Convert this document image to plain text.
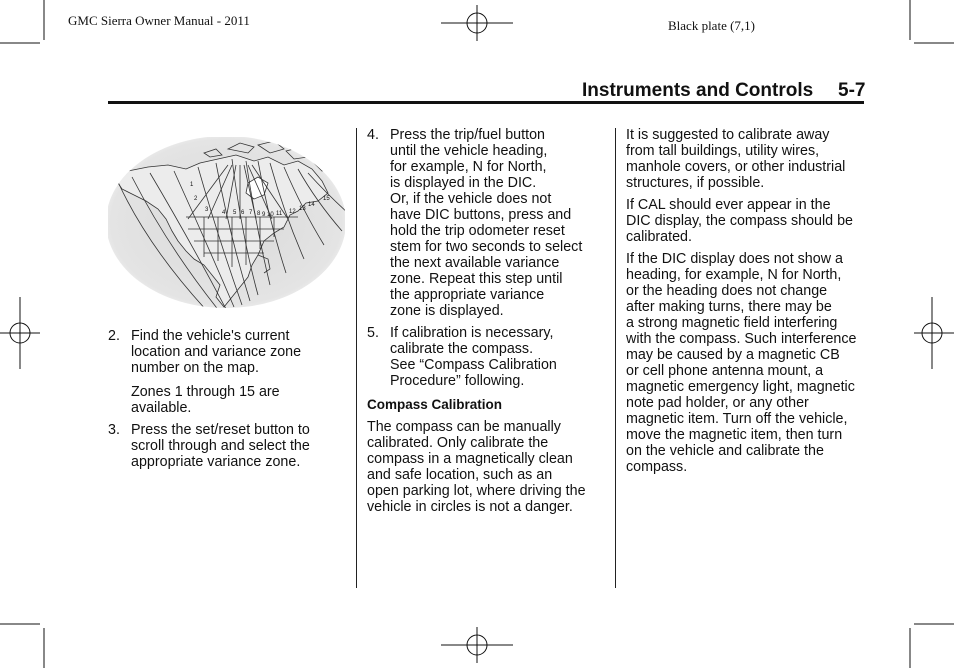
GMC Sierra Owner Manual - 2011	Black plate (7,1)
Instruments and Controls 5-7
1
2
3 4 5 6 7 8 9 10 11 12 13
14
15
2. Find the vehicle's current

location and variance zone

number on the map.

Zones 1 through 15 are

available.

3. Press the set/reset button to

scroll through and select the

appropriate variance zone.

4. Press the trip/fuel button

until the vehicle heading,

for example, N for North,

is displayed in the DIC.

Or, if the vehicle does not

have DIC buttons, press and

hold the trip odometer reset

stem for two seconds to select

the next available variance

zone. Repeat this step until

the appropriate variance

zone is displayed.

5. If calibration is necessary,

calibrate the compass.

See “Compass Calibration

Procedure” following.

Compass Calibration

The compass can be manually

calibrated. Only calibrate the

compass in a magnetically clean

and safe location, such as an

open parking lot, where driving the

vehicle in circles is not a danger.

It is suggested to calibrate away

from tall buildings, utility wires,

manhole covers, or other industrial

structures, if possible.

If CAL should ever appear in the

DIC display, the compass should be

calibrated.

If the DIC display does not show a

heading, for example, N for North,

or the heading does not change

after making turns, there may be

a strong magnetic field interfering

with the compass. Such interference

may be caused by a magnetic CB

or cell phone antenna mount, a

magnetic emergency light, magnetic

note pad holder, or any other

magnetic item. Turn off the vehicle,

move the magnetic item, then turn

on the vehicle and calibrate the

compass.
